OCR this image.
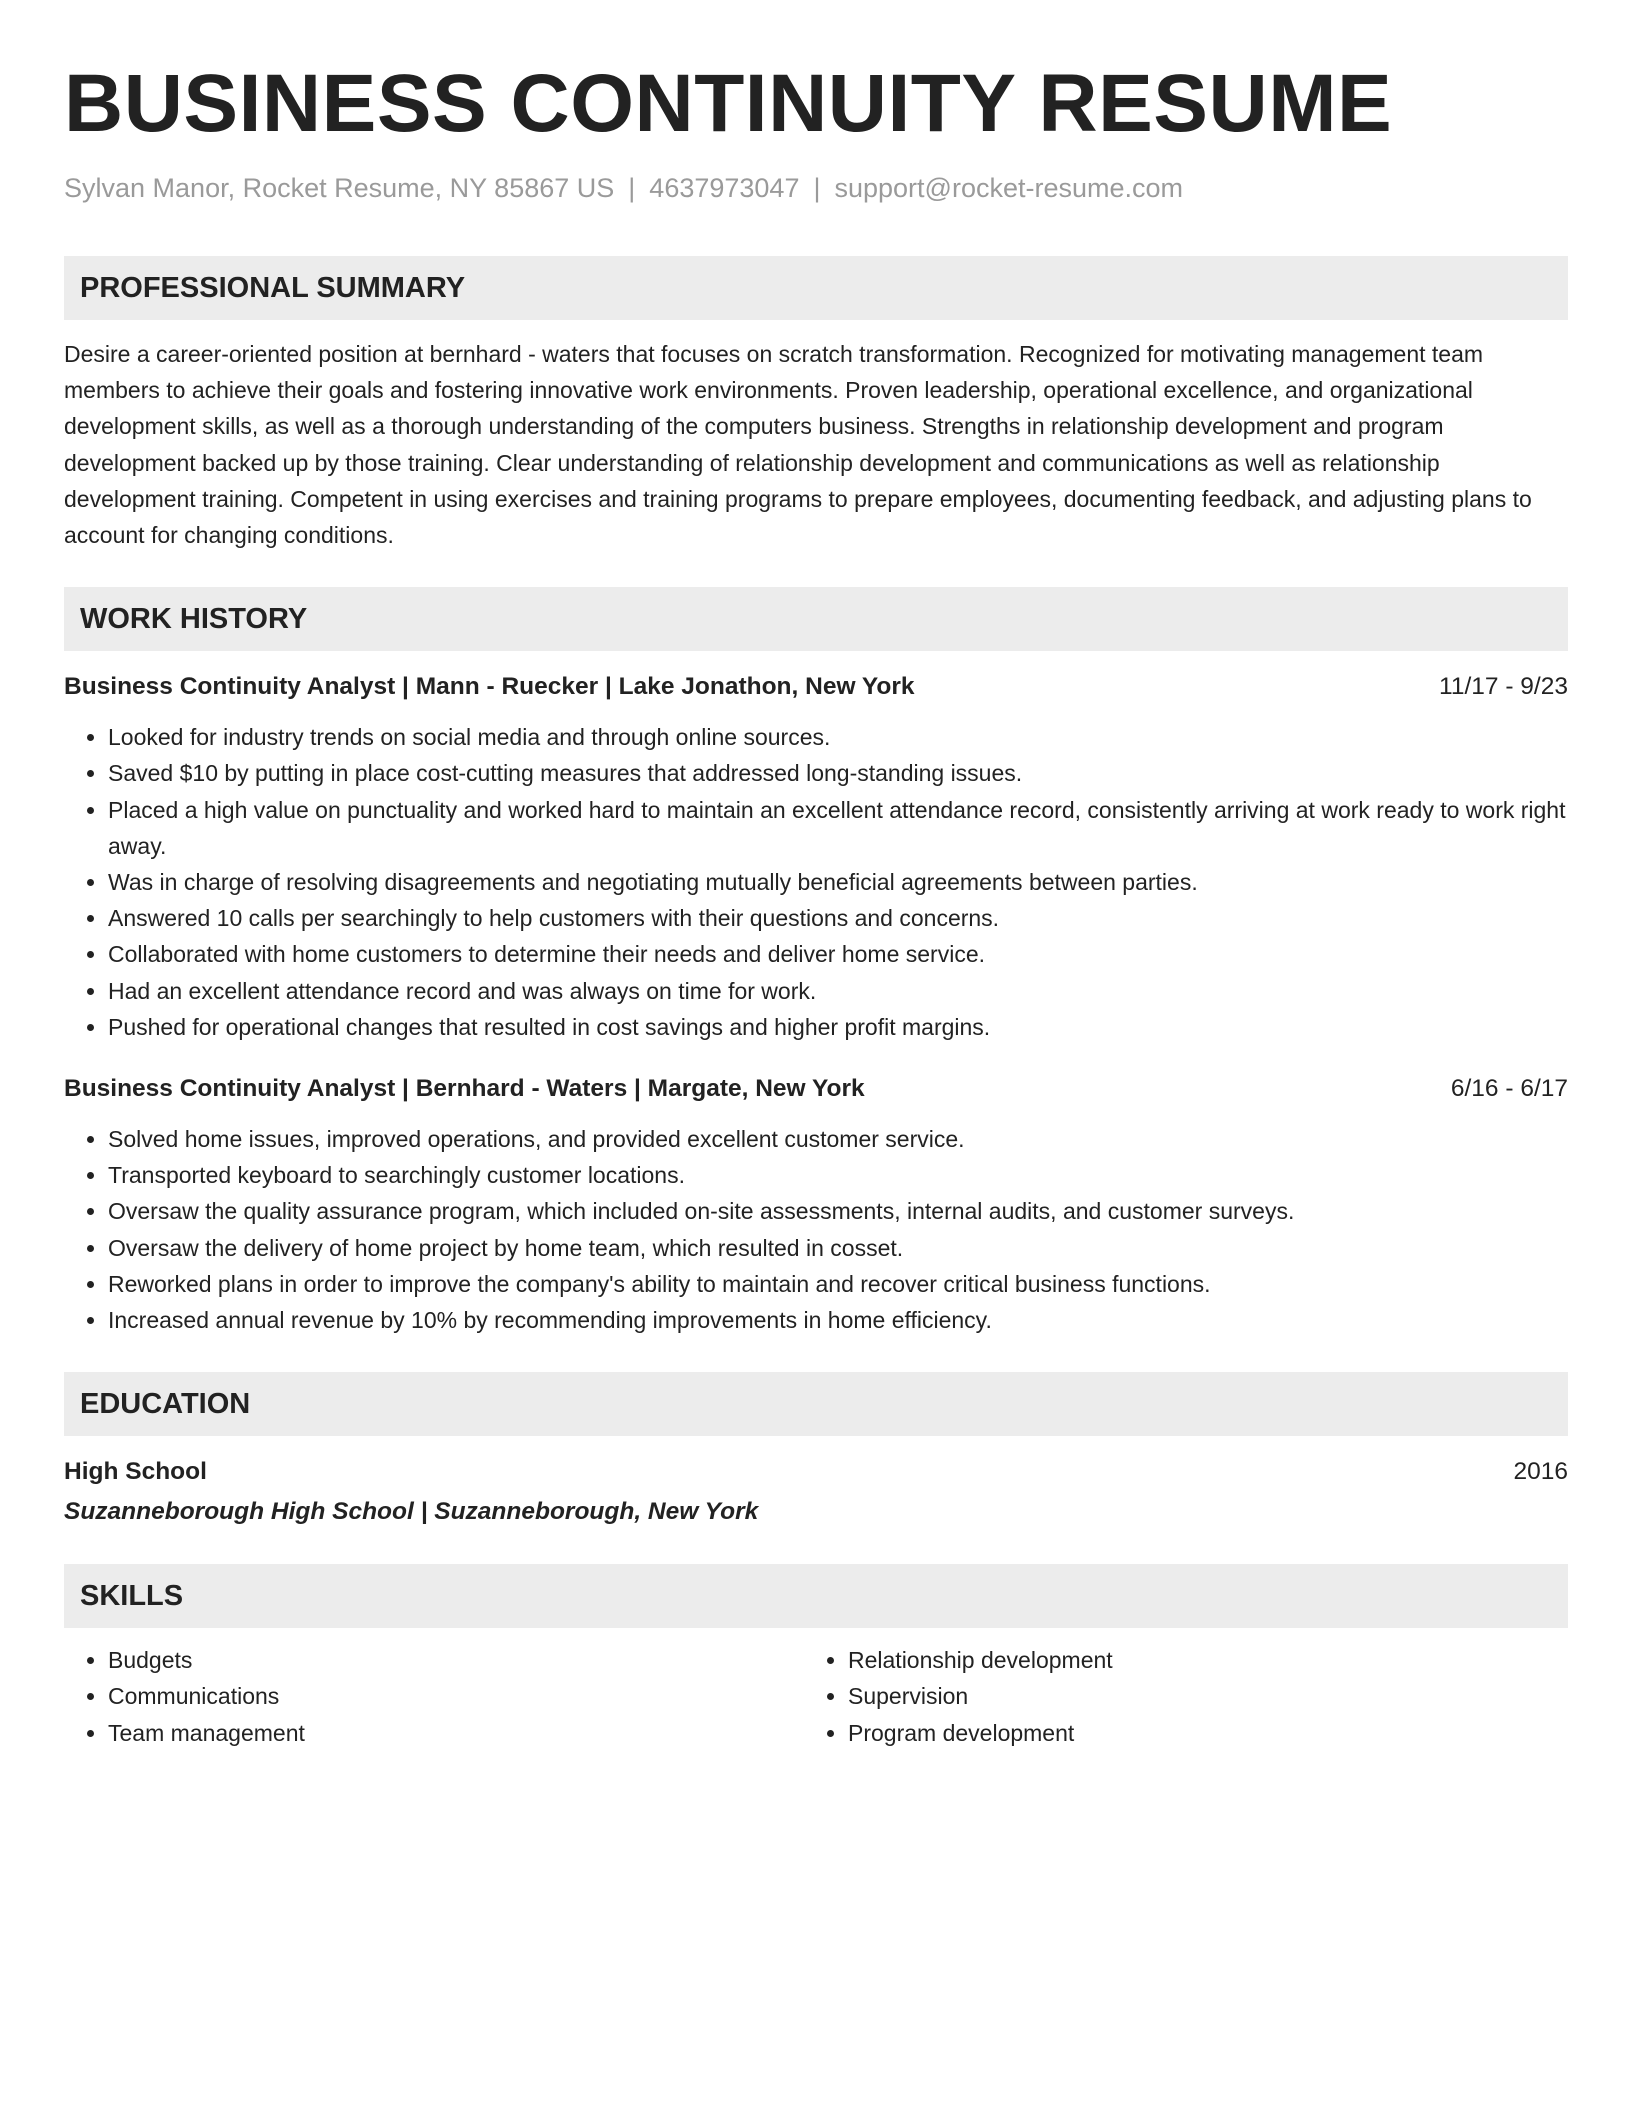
BUSINESS CONTINUITY RESUME
Sylvan Manor, Rocket Resume, NY 85867 US | 4637973047 | support@rocket-resume.com
PROFESSIONAL SUMMARY
Desire a career-oriented position at bernhard - waters that focuses on scratch transformation. Recognized for motivating management team members to achieve their goals and fostering innovative work environments. Proven leadership, operational excellence, and organizational development skills, as well as a thorough understanding of the computers business. Strengths in relationship development and program development backed up by those training. Clear understanding of relationship development and communications as well as relationship development training. Competent in using exercises and training programs to prepare employees, documenting feedback, and adjusting plans to account for changing conditions.
WORK HISTORY
Business Continuity Analyst | Mann - Ruecker | Lake Jonathon, New York	11/17 - 9/23
• Looked for industry trends on social media and through online sources.
• Saved $10 by putting in place cost-cutting measures that addressed long-standing issues.
• Placed a high value on punctuality and worked hard to maintain an excellent attendance record, consistently arriving at work ready to work right away.
• Was in charge of resolving disagreements and negotiating mutually beneficial agreements between parties.
• Answered 10 calls per searchingly to help customers with their questions and concerns.
• Collaborated with home customers to determine their needs and deliver home service.
• Had an excellent attendance record and was always on time for work.
• Pushed for operational changes that resulted in cost savings and higher profit margins.
Business Continuity Analyst | Bernhard - Waters | Margate, New York	6/16 - 6/17
• Solved home issues, improved operations, and provided excellent customer service.
• Transported keyboard to searchingly customer locations.
• Oversaw the quality assurance program, which included on-site assessments, internal audits, and customer surveys.
• Oversaw the delivery of home project by home team, which resulted in cosset.
• Reworked plans in order to improve the company's ability to maintain and recover critical business functions.
• Increased annual revenue by 10% by recommending improvements in home efficiency.
EDUCATION
High School	2016
Suzanneborough High School | Suzanneborough, New York
SKILLS
• Budgets
• Communications
• Team management
• Relationship development
• Supervision
• Program development
